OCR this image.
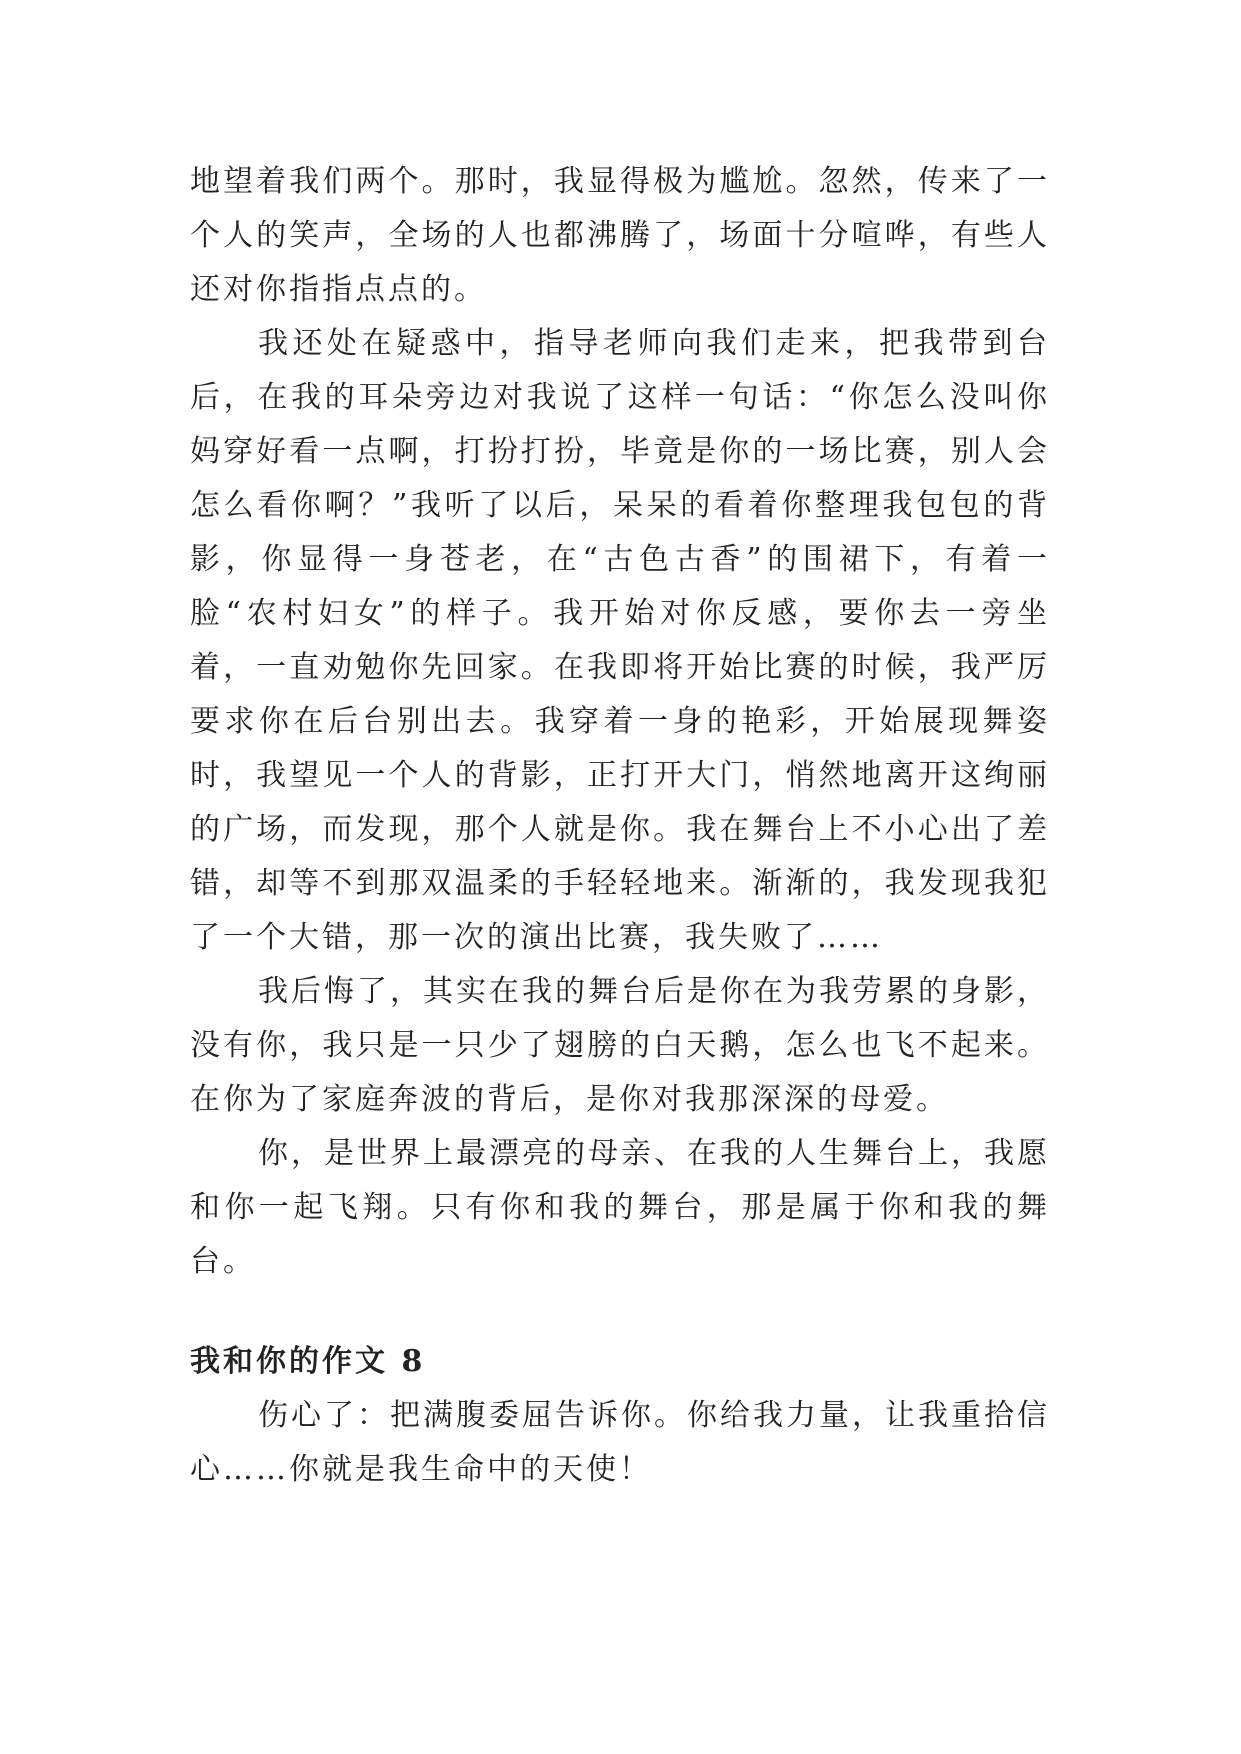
地望着我们两个。那时，我显得极为尴尬。忽然，传来了一个人的笑声，全场的人也都沸腾了，场面十分喧哗，有些人还对你指指点点的。

我还处在疑惑中，指导老师向我们走来，把我带到台后，在我的耳朵旁边对我说了这样一句话：“你怎么没叫你妈穿好看一点啊，打扮打扮，毕竟是你的一场比赛，别人会怎么看你啊？”我听了以后，呆呆的看着你整理我包包的背影，你显得一身苍老，在“古色古香”的围裙下，有着一脸“农村妇女”的样子。我开始对你反感，要你去一旁坐着，一直劝勉你先回家。在我即将开始比赛的时候，我严厉要求你在后台别出去。我穿着一身的艳彩，开始展现舞姿时，我望见一个人的背影，正打开大门，悄然地离开这绚丽的广场，而发现，那个人就是你。我在舞台上不小心出了差错，却等不到那双温柔的手轻轻地来。渐渐的，我发现我犯了一个大错，那一次的演出比赛，我失败了……

我后悔了，其实在我的舞台后是你在为我劳累的身影，没有你，我只是一只少了翅膀的白天鹅，怎么也飞不起来。在你为了家庭奔波的背后，是你对我那深深的母爱。

你，是世界上最漂亮的母亲、在我的人生舞台上，我愿和你一起飞翔。只有你和我的舞台，那是属于你和我的舞台。

我和你的作文 8

伤心了：把满腹委屈告诉你。你给我力量，让我重拾信心……你就是我生命中的天使！
